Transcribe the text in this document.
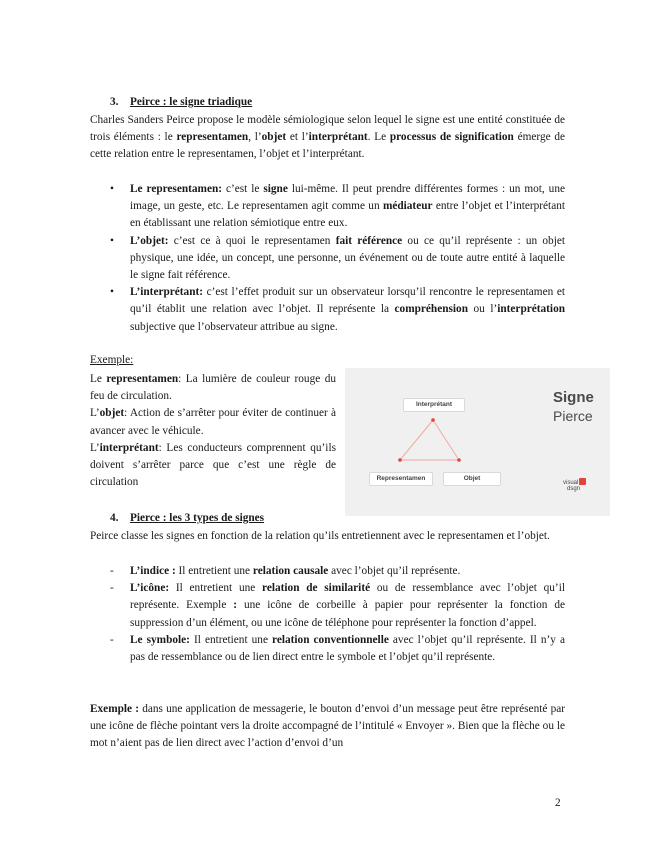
3. Peirce : le signe triadique

Charles Sanders Peirce propose le modèle sémiologique selon lequel le signe est une entité constituée de trois éléments : le representamen, l’objet et l’interprétant. Le processus de signification émerge de cette relation entre le representamen, l’objet et l’interprétant.

• Le representamen: c’est le signe lui-même. Il peut prendre différentes formes : un mot, une image, un geste, etc. Le representamen agit comme un médiateur entre l’objet et l’interprétant en établissant une relation sémiotique entre eux.
• L’objet: c’est ce à quoi le representamen fait référence ou ce qu’il représente : un objet physique, une idée, un concept, une personne, un événement ou de toute autre entité à laquelle le signe fait référence.
• L’interprétant: c’est l’effet produit sur un observateur lorsqu’il rencontre le representamen et qu’il établit une relation avec l’objet. Il représente la compréhension ou l’interprétation subjective que l’observateur attribue au signe.
Exemple:
Le representamen: La lumière de couleur rouge du feu de circulation.
L’objet: Action de s’arrêter pour éviter de continuer à avancer avec le véhicule.
L’interprétant: Les conducteurs comprennent qu’ils doivent s’arrêter parce que c’est une règle de circulation
Interprétant
Representamen	Objet
Signe
Pierce
visual
dsgn
4. Pierce : les 3 types de signes

Peirce classe les signes en fonction de la relation qu’ils entretiennent avec le representamen et l’objet.

- L’indice : Il entretient une relation causale avec l’objet qu’il représente.
- L’icône: Il entretient une relation de similarité ou de ressemblance avec l’objet qu’il représente. Exemple : une icône de corbeille à papier pour représenter la fonction de suppression d’un élément, ou une icône de téléphone pour représenter la fonction d’appel.
- Le symbole: Il entretient une relation conventionnelle avec l’objet qu’il représente. Il n’y a pas de ressemblance ou de lien direct entre le symbole et l’objet qu’il représente.

Exemple : dans une application de messagerie, le bouton d’envoi d’un message peut être représenté par une icône de flèche pointant vers la droite accompagné de l’intitulé « Envoyer ». Bien que la flèche ou le mot n’aient pas de lien direct avec l’action d’envoi d’un

2
